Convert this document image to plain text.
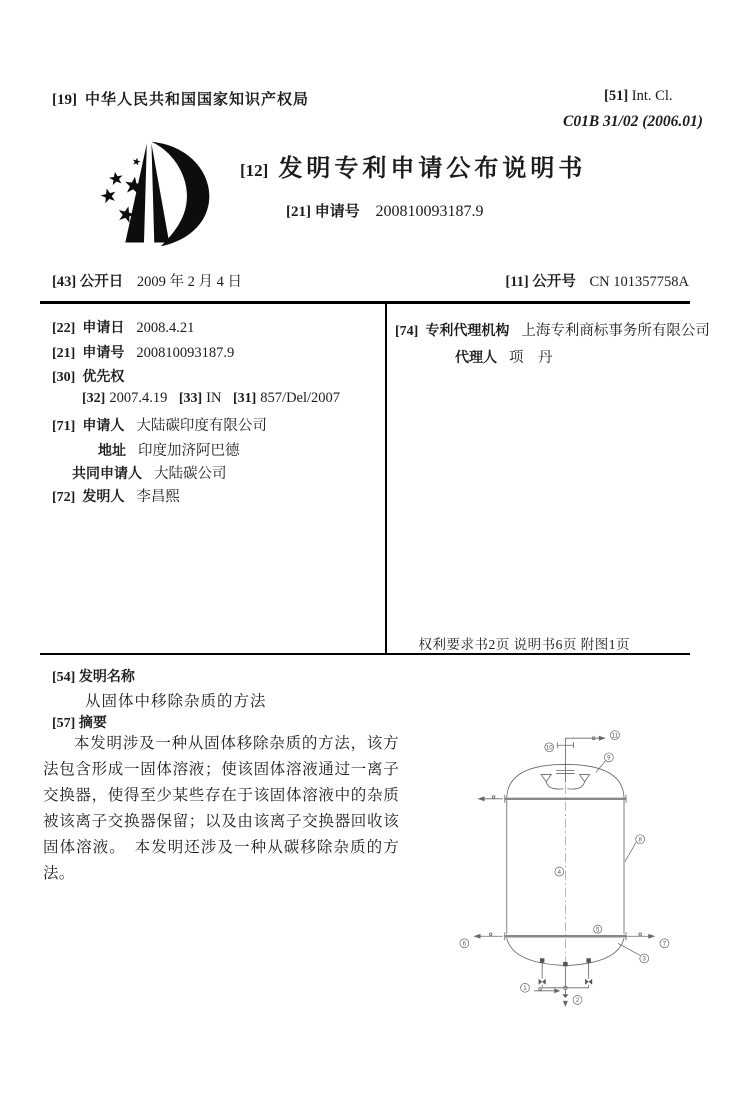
[19] 中华人民共和国国家知识产权局	[51] Int. Cl.
C01B 31/02 (2006.01)
[12] 发明专利申请公布说明书
[21] 申请号 200810093187.9
[43] 公开日 2009 年 2 月 4 日	[11] 公开号 CN 101357758A
[22] 申请日 2008.4.21
[21] 申请号 200810093187.9
[30] 优先权
[32] 2007.4.19 [33] IN [31] 857/Del/2007
[71] 申请人 大陆碳印度有限公司
地址 印度加济阿巴德
共同申请人 大陆碳公司
[72] 发明人 李昌熙
[74] 专利代理机构 上海专利商标事务所有限公司
代理人 项　丹
权利要求书2页 说明书6页 附图1页
[54] 发明名称
从固体中移除杂质的方法
[57] 摘要
本发明涉及一种从固体移除杂质的方法，该方法包含形成一固体溶液；使该固体溶液通过一离子交换器，使得至少某些存在于该固体溶液中的杂质被该离子交换器保留；以及由该离子交换器回收该固体溶液。　本发明还涉及一种从碳移除杂质的方法。
1
2
3
4
5
6	7
8
9
10
11
